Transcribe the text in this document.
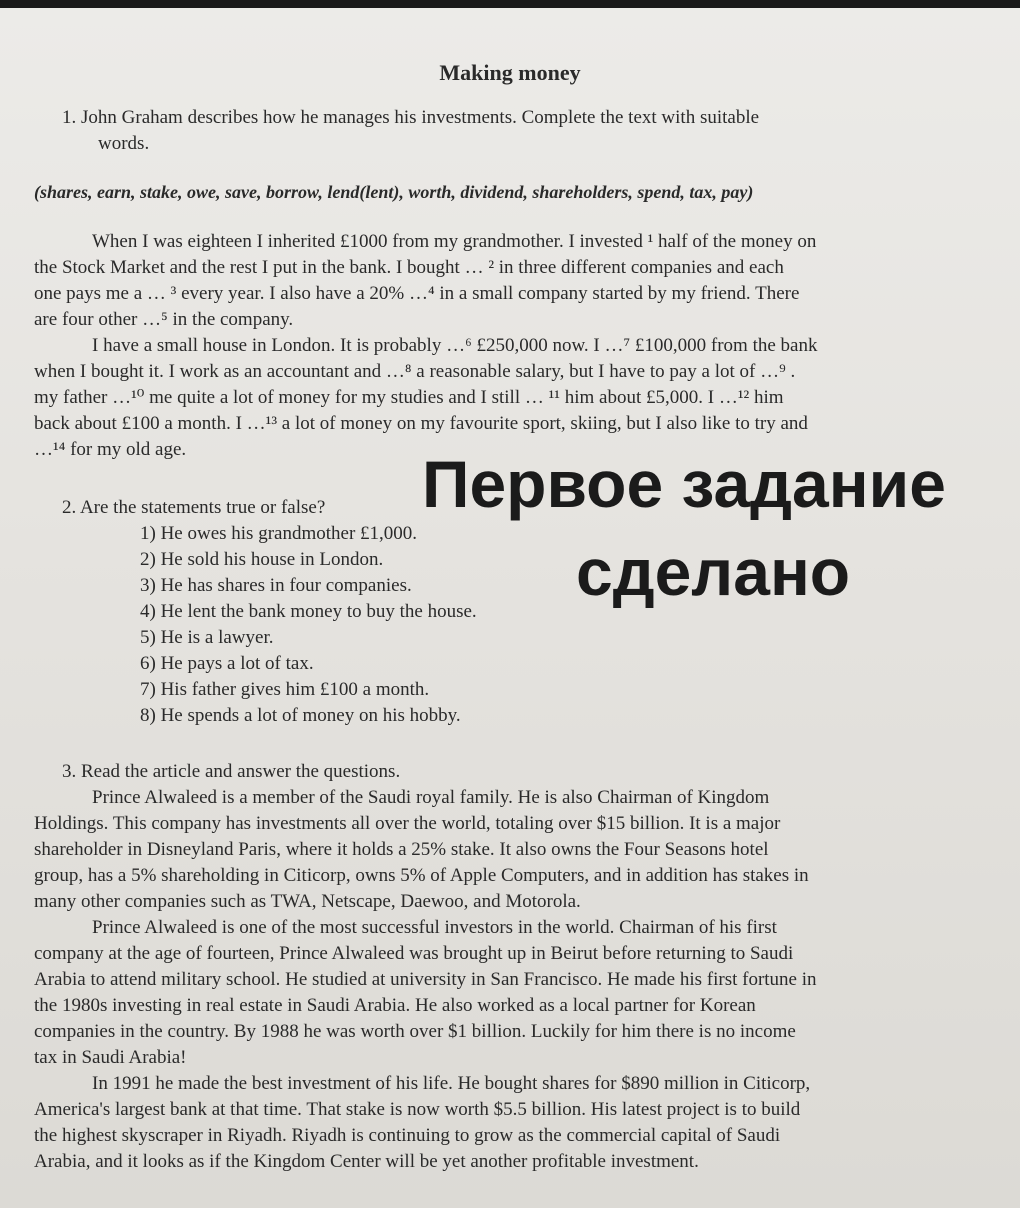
Making money
1. John Graham describes how he manages his investments. Complete the text with suitable
words.
(shares, earn, stake, owe, save, borrow, lend(lent), worth, dividend, shareholders, spend, tax, pay)
When I was eighteen I inherited £1000 from my grandmother. I invested ¹ half of the money on
the Stock Market and the rest I put in the bank. I bought … ² in three different companies and each
one pays me a … ³ every year. I also have a 20% …⁴ in a small company started by my friend. There
are four other …⁵ in the company.
I have a small house in London. It is probably …⁶ £250,000 now. I …⁷ £100,000 from the bank
when I bought it. I work as an accountant and …⁸ a reasonable salary, but I have to pay a lot of …⁹ .
my father …¹⁰ me quite a lot of money for my studies and I still … ¹¹ him about £5,000. I …¹² him
back about £100 a month. I …¹³ a lot of money on my favourite sport, skiing, but I also like to try and
…¹⁴ for my old age.
2. Are the statements true or false?
1) He owes his grandmother £1,000.
2) He sold his house in London.
3) He has shares in four companies.
4) He lent the bank money to buy the house.
5) He is a lawyer.
6) He pays a lot of tax.
7) His father gives him £100 a month.
8) He spends a lot of money on his hobby.
3. Read the article and answer the questions.
Prince Alwaleed is a member of the Saudi royal family. He is also Chairman of Kingdom
Holdings. This company has investments all over the world, totaling over $15 billion. It is a major
shareholder in Disneyland Paris, where it holds a 25% stake. It also owns the Four Seasons hotel
group, has a 5% shareholding in Citicorp, owns 5% of Apple Computers, and in addition has stakes in
many other companies such as TWA, Netscape, Daewoo, and Motorola.
Prince Alwaleed is one of the most successful investors in the world. Chairman of his first
company at the age of fourteen, Prince Alwaleed was brought up in Beirut before returning to Saudi
Arabia to attend military school. He studied at university in San Francisco. He made his first fortune in
the 1980s investing in real estate in Saudi Arabia. He also worked as a local partner for Korean
companies in the country. By 1988 he was worth over $1 billion. Luckily for him there is no income
tax in Saudi Arabia!
In 1991 he made the best investment of his life. He bought shares for $890 million in Citicorp,
America's largest bank at that time. That stake is now worth $5.5 billion. His latest project is to build
the highest skyscraper in Riyadh. Riyadh is continuing to grow as the commercial capital of Saudi
Arabia, and it looks as if the Kingdom Center will be yet another profitable investment.
Первое задание
сделано
